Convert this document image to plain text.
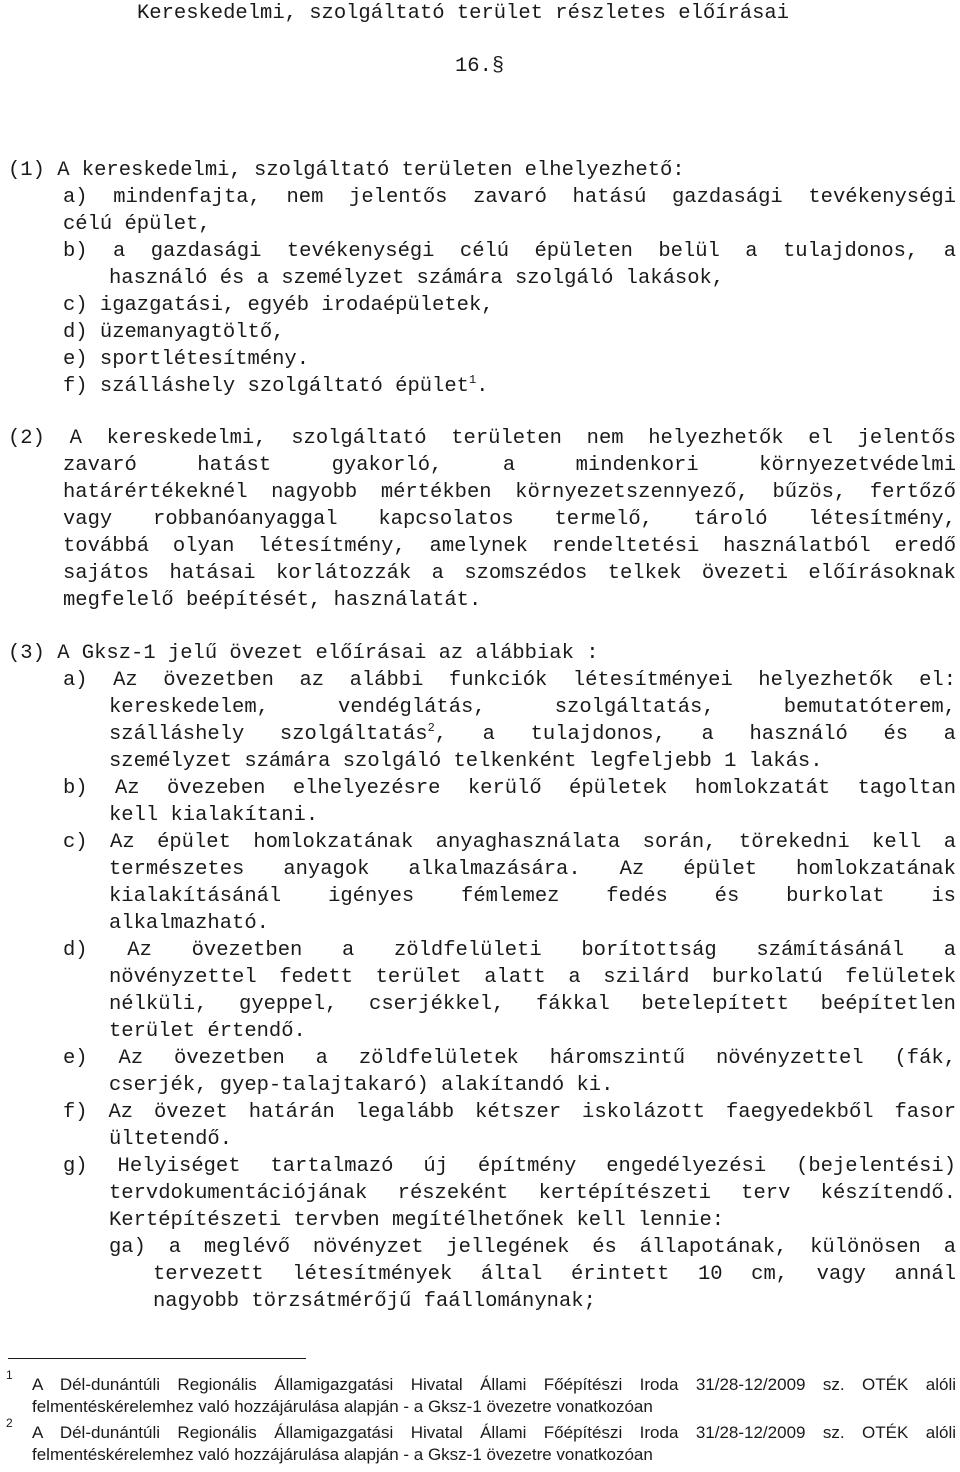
Kereskedelmi, szolgáltató terület részletes előírásai
16.§
(1) A kereskedelmi, szolgáltató területen elhelyezhető:
a) mindenfajta, nem jelentős zavaró hatású gazdasági tevékenységi
célú épület,
b) a gazdasági tevékenységi célú épületen belül a tulajdonos, a
használó és a személyzet számára szolgáló lakások,
c) igazgatási, egyéb irodaépületek,
d) üzemanyagtöltő,
e) sportlétesítmény.
f) szálláshely szolgáltató épület$^1$.
(2) A kereskedelmi, szolgáltató területen nem helyezhetők el jelentős
zavaró hatást gyakorló, a mindenkori környezetvédelmi
határértékeknél nagyobb mértékben környezetszennyező, bűzös, fertőző
vagy robbanóanyaggal kapcsolatos termelő, tároló létesítmény,
továbbá olyan létesítmény, amelynek rendeltetési használatból eredő
sajátos hatásai korlátozzák a szomszédos telkek övezeti előírásoknak
megfelelő beépítését, használatát.
(3) A Gksz-1 jelű övezet előírásai az alábbiak :
a) Az övezetben az alábbi funkciók létesítményei helyezhetők el:
kereskedelem, vendéglátás, szolgáltatás, bemutatóterem,
szálláshely szolgáltatás$^2$, a tulajdonos, a használó és a
személyzet számára szolgáló telkenként legfeljebb 1 lakás.
b) Az övezeben elhelyezésre kerülő épületek homlokzatát tagoltan
kell kialakítani.
c) Az épület homlokzatának anyaghasználata során, törekedni kell a
természetes anyagok alkalmazására. Az épület homlokzatának
kialakításánál igényes fémlemez fedés és burkolat is
alkalmazható.
d) Az övezetben a zöldfelületi borítottság számításánál a
növényzettel fedett terület alatt a szilárd burkolatú felületek
nélküli, gyeppel, cserjékkel, fákkal betelepített beépítetlen
terület értendő.
e) Az övezetben a zöldfelületek háromszintű növényzettel (fák,
cserjék, gyep-talajtakaró) alakítandó ki.
f) Az övezet határán legalább kétszer iskolázott faegyedekből fasor
ültetendő.
g) Helyiséget tartalmazó új építmény engedélyezési (bejelentési)
tervdokumentációjának részeként kertépítészeti terv készítendő.
Kertépítészeti tervben megítélhetőnek kell lennie:
ga) a meglévő növényzet jellegének és állapotának, különösen a
tervezett létesítmények által érintett 10 cm, vagy annál
nagyobb törzsátmérőjű faállománynak;
1 A Dél-dunántúli Regionális Államigazgatási Hivatal Állami Főépítészi Iroda 31/28-12/2009 sz. OTÉK alóli
felmentéskérelemhez való hozzájárulása alapján - a Gksz-1 övezetre vonatkozóan
2 A Dél-dunántúli Regionális Államigazgatási Hivatal Állami Főépítészi Iroda 31/28-12/2009 sz. OTÉK alóli
felmentéskérelemhez való hozzájárulása alapján - a Gksz-1 övezetre vonatkozóan
